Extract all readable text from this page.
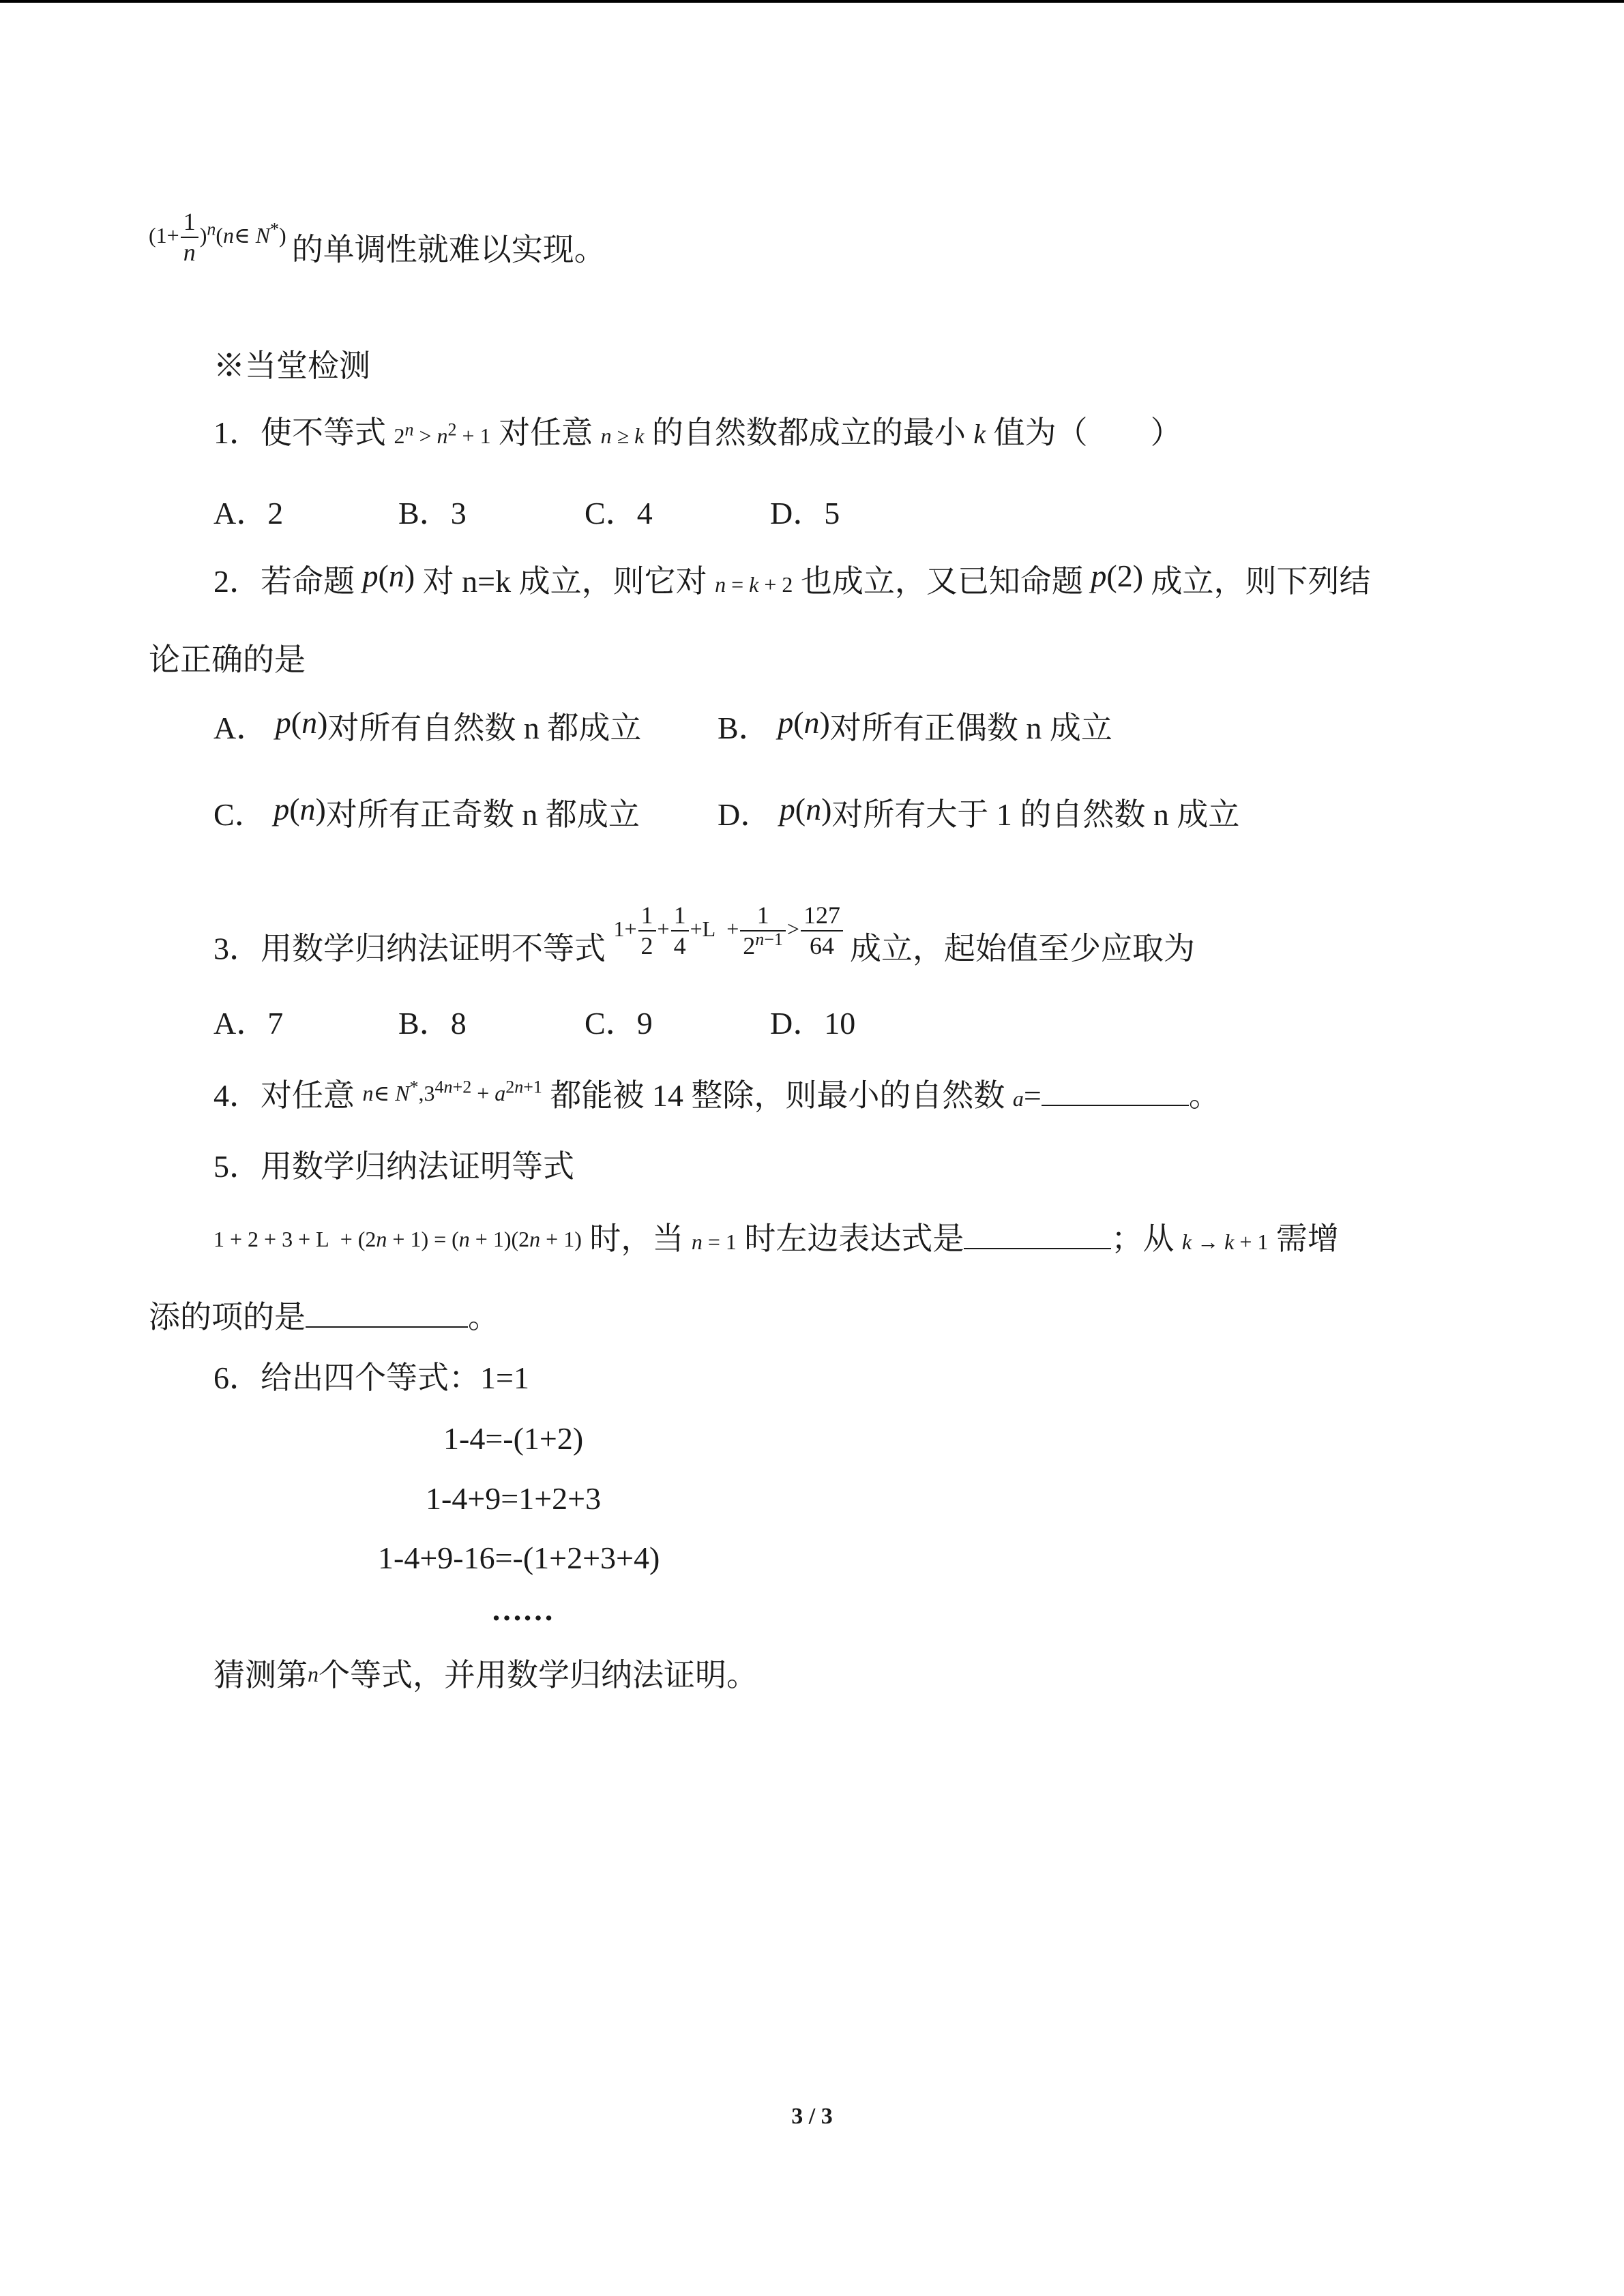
$^{(1+ \frac{1}{n} )^n(n\in N^*)}$ 的单调性就难以实现。
※当堂检测
1．使不等式 $2^n > n^2 + 1$ 对任意 n ≥ k 的自然数都成立的最小 k 值为（　　）
A．2	B．3	C．4	D．5
2．若命题 p(n) 对 n=k 成立，则它对 n = k + 2 也成立，又已知命题 p(2) 成立，则下列结
论正确的是
A． p(n)对所有自然数 n 都成立 B． p(n)对所有正偶数 n 成立
C． p(n)对所有正奇数 n 都成立 D． p(n)对所有大于 1 的自然数 n 成立
3．用数学归纳法证明不等式 $^{1+ \frac{1}{2} + \frac{1}{4} +L + \frac{1}{2^{n-1}} > \frac{127}{64}}$ 成立，起始值至少应取为
A．7	B．8	C．9	D．10
4．对任意 n∈ $N^*,3^{4n+2} + a^{2n+1}$ 都能被 14 整除，则最小的自然数 a=	。
5．用数学归纳法证明等式
1 + 2 + 3 + L  + (2n + 1) = (n + 1)(2n + 1) 时，当 n = 1 时左边表达式是	；从 k → k + 1 需增
添的项的是	。
6．给出四个等式：1=1
1-4=-(1+2)
1-4+9=1+2+3
1-4+9-16=-(1+2+3+4)
……
猜测第n个等式，并用数学归纳法证明。
3 / 3
